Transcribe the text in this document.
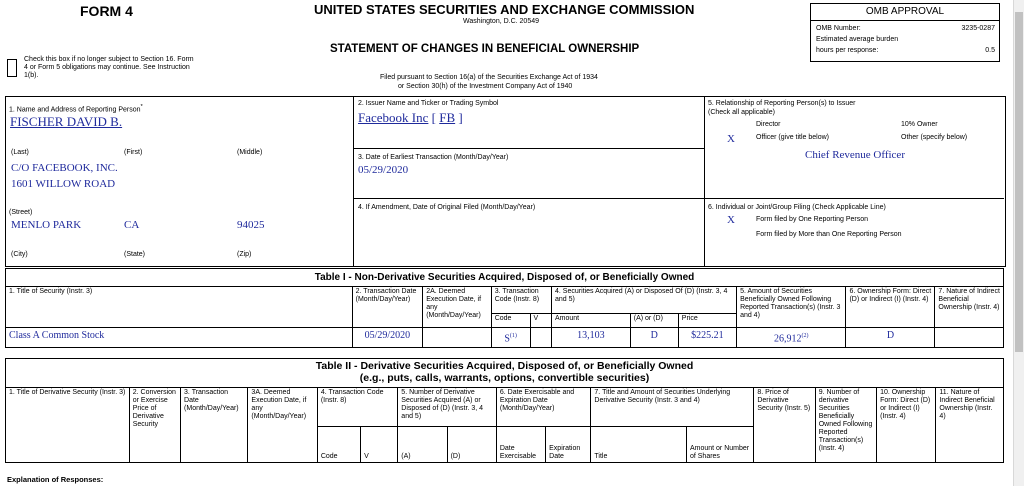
FORM 4	UNITED STATES SECURITIES AND EXCHANGE COMMISSION
Washington, D.C. 20549
STATEMENT OF CHANGES IN BENEFICIAL OWNERSHIP
Filed pursuant to Section 16(a) of the Securities Exchange Act of 1934
or Section 30(h) of the Investment Company Act of 1940
Check this box if no longer subject to Section 16. Form
4 or Form 5 obligations may continue. See Instruction
1(b).
OMB APPROVAL
OMB Number:	3235-0287
Estimated average burden
hours per response:	0.5
1. Name and Address of Reporting Person*
FISCHER DAVID B.
(Last)	(First)	(Middle)
C/O FACEBOOK, INC.
1601 WILLOW ROAD
(Street)
MENLO PARK	CA	94025
(City)	(State)	(Zip)
2. Issuer Name and Ticker or Trading Symbol
Facebook Inc [ FB ]
3. Date of Earliest Transaction (Month/Day/Year)
05/29/2020
4. If Amendment, Date of Original Filed (Month/Day/Year)
5. Relationship of Reporting Person(s) to Issuer
(Check all applicable)
Director	10% Owner
X	Officer (give title below)	Other (specify below)
Chief Revenue Officer
6. Individual or Joint/Group Filing (Check Applicable Line)
X	Form filed by One Reporting Person
Form filed by More than One Reporting Person
Table I - Non-Derivative Securities Acquired, Disposed of, or Beneficially Owned										
1. Title of Security (Instr. 3)	2. Transaction Date (Month/Day/Year)	2A. Deemed Execution Date, if any (Month/Day/Year)	3. Transaction Code (Instr. 8)		4. Securities Acquired (A) or Disposed Of (D) (Instr. 3, 4 and 5)			5. Amount of Securities Beneficially Owned Following Reported Transaction(s) (Instr. 3 and 4)	6. Ownership Form: Direct (D) or Indirect (I) (Instr. 4)	7. Nature of Indirect Beneficial Ownership (Instr. 4)
			Code	V	Amount	(A) or (D)	Price			
Class A Common Stock	05/29/2020		$S^{(1)}$		13,103	D	$225.21	26,912$^{(2)}$	D	
Table II - Derivative Securities Acquired, Disposed of, or Beneficially Owned
(e.g., puts, calls, warrants, options, convertible securities)															

1. Title of Derivative Security (Instr. 3)	2. Conversion or Exercise Price of Derivative Security	3. Transaction Date (Month/Day/Year)	3A. Deemed Execution Date, if any (Month/Day/Year)	4. Transaction Code (Instr. 8)		5. Number of Derivative Securities Acquired (A) or Disposed of (D) (Instr. 3, 4 and 5)		6. Date Exercisable and Expiration Date (Month/Day/Year)		7. Title and Amount of Securities Underlying Derivative Security (Instr. 3 and 4)		8. Price of Derivative Security (Instr. 5)	9. Number of derivative Securities Beneficially Owned Following Reported Transaction(s) (Instr. 4)	10. Ownership Form: Direct (D) or Indirect (I) (Instr. 4)	11. Nature of Indirect Beneficial Ownership (Instr. 4)
				Code	V	(A)	(D)	Date Exercisable	Expiration Date	Title	Amount or Number of Shares				
Explanation of Responses:
